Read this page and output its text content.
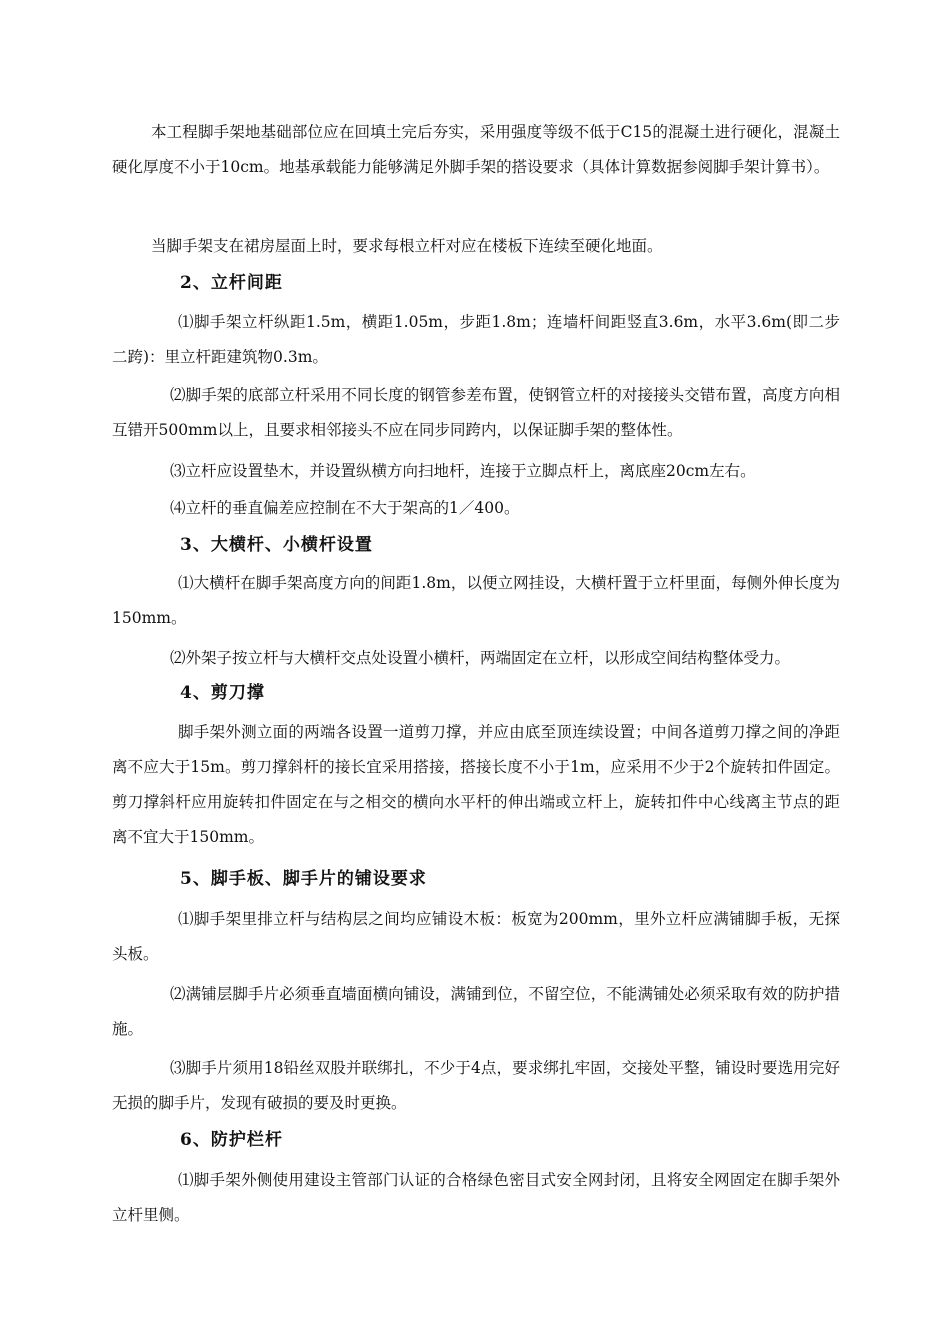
本工程脚手架地基础部位应在回填土完后夯实，采用强度等级不低于C15的混凝土进行硬化，混凝土硬化厚度不小于10cm。地基承载能力能够满足外脚手架的搭设要求（具体计算数据参阅脚手架计算书）。

当脚手架支在裙房屋面上时，要求每根立杆对应在楼板下连续至硬化地面。

2、立杆间距

⑴脚手架立杆纵距1.5m，横距1.05m，步距1.8m；连墙杆间距竖直3.6m，水平3.6m(即二步二跨)：里立杆距建筑物0.3m。

⑵脚手架的底部立杆采用不同长度的钢管参差布置，使钢管立杆的对接接头交错布置，高度方向相互错开500mm以上，且要求相邻接头不应在同步同跨内，以保证脚手架的整体性。

⑶立杆应设置垫木，并设置纵横方向扫地杆，连接于立脚点杆上，离底座20cm左右。

⑷立杆的垂直偏差应控制在不大于架高的1／400。

3、大横杆、小横杆设置

⑴大横杆在脚手架高度方向的间距1.8m，以便立网挂设，大横杆置于立杆里面，每侧外伸长度为150mm。

⑵外架子按立杆与大横杆交点处设置小横杆，两端固定在立杆，以形成空间结构整体受力。

4、剪刀撑

脚手架外测立面的两端各设置一道剪刀撑，并应由底至顶连续设置；中间各道剪刀撑之间的净距离不应大于15m。剪刀撑斜杆的接长宜采用搭接，搭接长度不小于1m，应采用不少于2个旋转扣件固定。剪刀撑斜杆应用旋转扣件固定在与之相交的横向水平杆的伸出端或立杆上，旋转扣件中心线离主节点的距离不宜大于150mm。

5、脚手板、脚手片的铺设要求

⑴脚手架里排立杆与结构层之间均应铺设木板：板宽为200mm，里外立杆应满铺脚手板，无探头板。

⑵满铺层脚手片必须垂直墙面横向铺设，满铺到位，不留空位，不能满铺处必须采取有效的防护措施。

⑶脚手片须用18铅丝双股并联绑扎，不少于4点，要求绑扎牢固，交接处平整，铺设时要选用完好无损的脚手片，发现有破损的要及时更换。

6、防护栏杆

⑴脚手架外侧使用建设主管部门认证的合格绿色密目式安全网封闭，且将安全网固定在脚手架外立杆里侧。
